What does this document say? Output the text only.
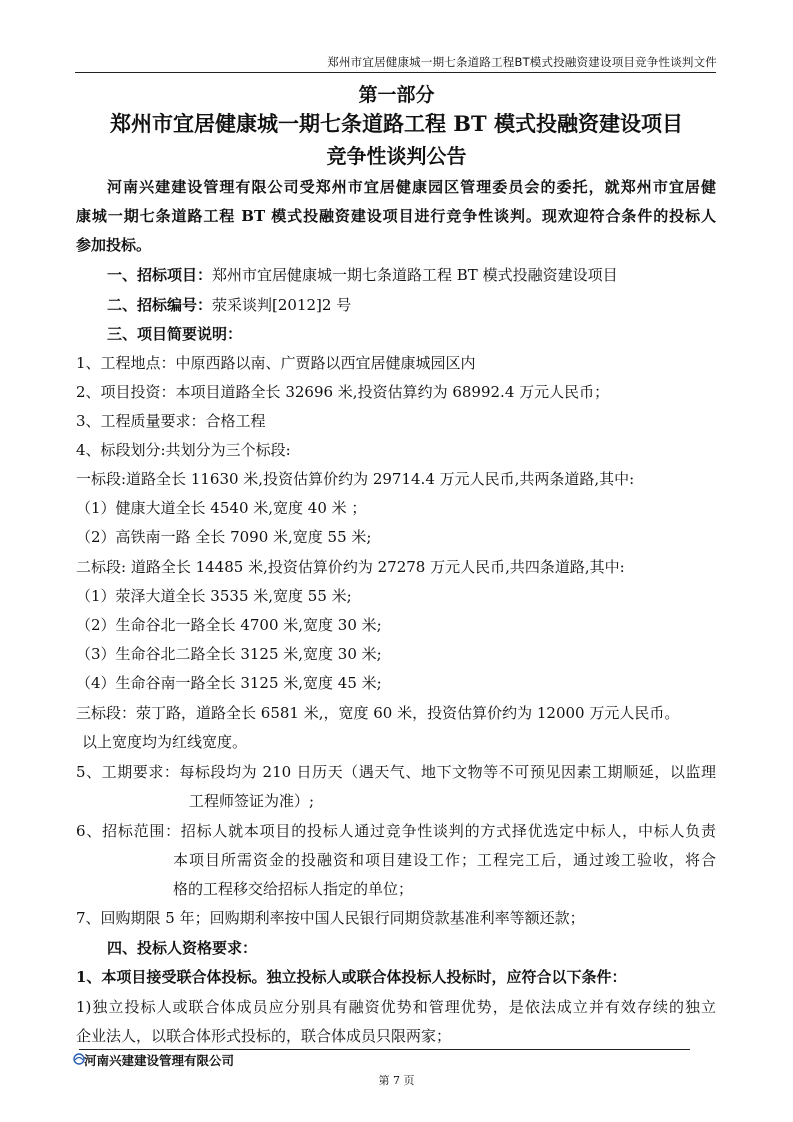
郑州市宜居健康城一期七条道路工程BT模式投融资建设项目竞争性谈判文件
第一部分
郑州市宜居健康城一期七条道路工程 BT 模式投融资建设项目
竞争性谈判公告
河南兴建建设管理有限公司受郑州市宜居健康园区管理委员会的委托，就郑州市宜居健
康城一期七条道路工程 BT 模式投融资建设项目进行竞争性谈判。现欢迎符合条件的投标人
参加投标。
一、招标项目：郑州市宜居健康城一期七条道路工程 BT 模式投融资建设项目
二、招标编号：荥采谈判[2012]2 号
三、项目简要说明：
1、工程地点：中原西路以南、广贾路以西宜居健康城园区内
2、项目投资：本项目道路全长 32696 米,投资估算约为 68992.4 万元人民币；
3、工程质量要求：合格工程
4、标段划分:共划分为三个标段:
一标段:道路全长 11630 米,投资估算价约为 29714.4 万元人民币,共两条道路,其中:
（1）健康大道全长 4540 米,宽度 40 米 ；
（2）高铁南一路 全长 7090 米,宽度 55 米;
二标段: 道路全长 14485 米,投资估算价约为 27278 万元人民币,共四条道路,其中:
（1）荥泽大道全长 3535 米,宽度 55 米;
（2）生命谷北一路全长 4700 米,宽度 30 米;
（3）生命谷北二路全长 3125 米,宽度 30 米;
（4）生命谷南一路全长 3125 米,宽度 45 米;
三标段：荥丁路，道路全长 6581 米,，宽度 60 米，投资估算价约为 12000 万元人民币。
以上宽度均为红线宽度。
5、工期要求：每标段均为 210 日历天（遇天气、地下文物等不可预见因素工期顺延，以监理
工程师签证为准）;
6、招标范围：招标人就本项目的投标人通过竞争性谈判的方式择优选定中标人，中标人负责
本项目所需资金的投融资和项目建设工作；工程完工后，通过竣工验收，将合
格的工程移交给招标人指定的单位；
7、回购期限 5 年；回购期利率按中国人民银行同期贷款基准利率等额还款；
四、投标人资格要求：
1、本项目接受联合体投标。独立投标人或联合体投标人投标时，应符合以下条件：
1)独立投标人或联合体成员应分别具有融资优势和管理优势，是依法成立并有效存续的独立
企业法人，以联合体形式投标的，联合体成员只限两家；
河南兴建建设管理有限公司
第 7 页
